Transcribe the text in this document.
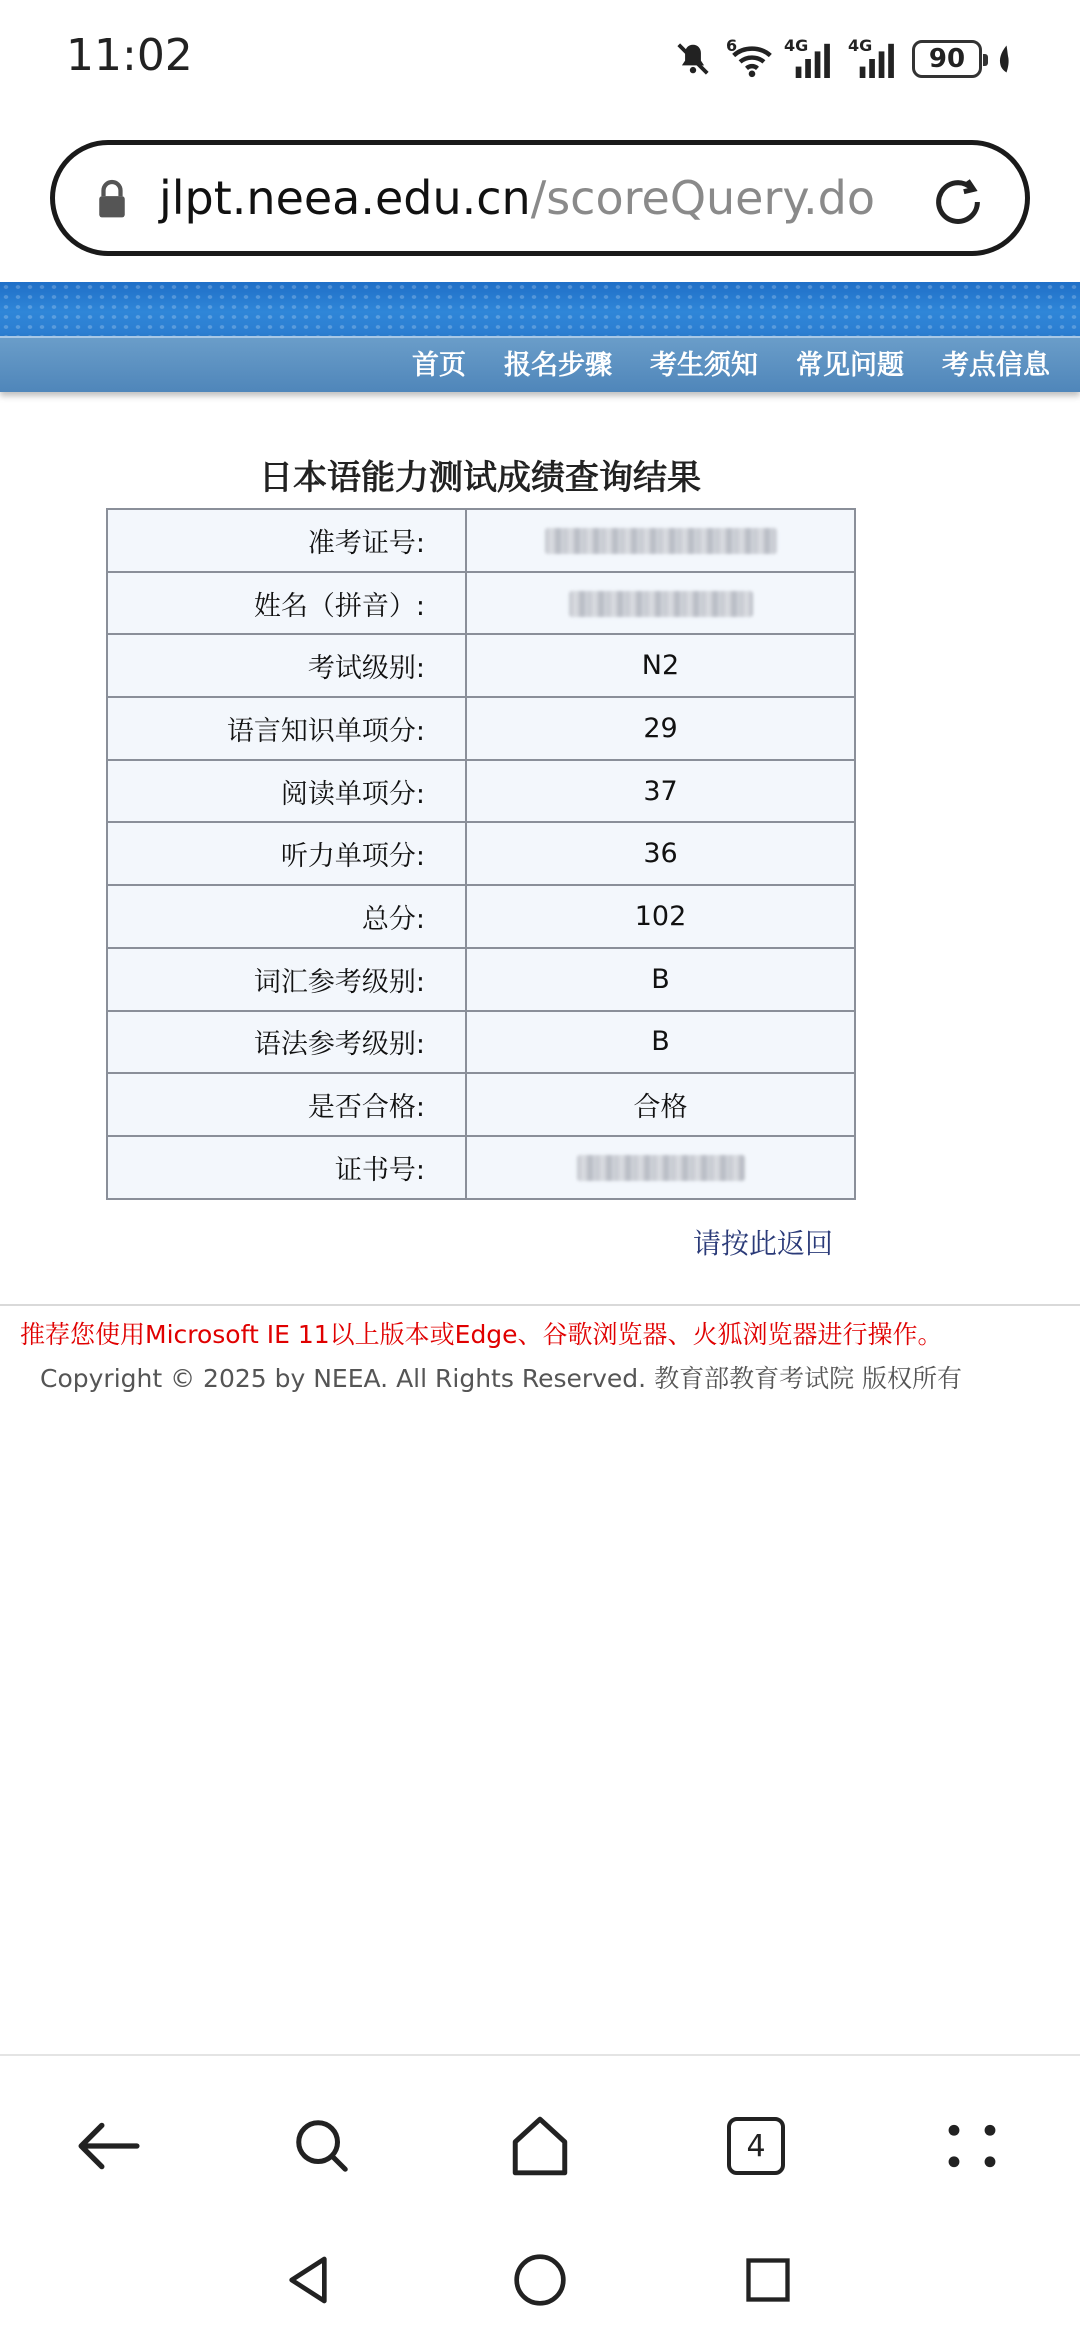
11:02	6	4G 4G 90
jlpt.neea.edu.cn/scoreQuery.do
首页 报名步骤 考生须知 常见问题 考点信息
日本语能力测试成绩查询结果
准考证号:	
姓名（拼音）:	
考试级别:	N2
语言知识单项分:	29
阅读单项分:	37
听力单项分:	36
总分:	102
词汇参考级别:	B
语法参考级别:	B
是否合格:	合格
证书号:	
请按此返回
推荐您使用Microsoft IE 11以上版本或Edge、谷歌浏览器、火狐浏览器进行操作。
Copyright © 2025 by NEEA. All Rights Reserved. 教育部教育考试院 版权所有
4
